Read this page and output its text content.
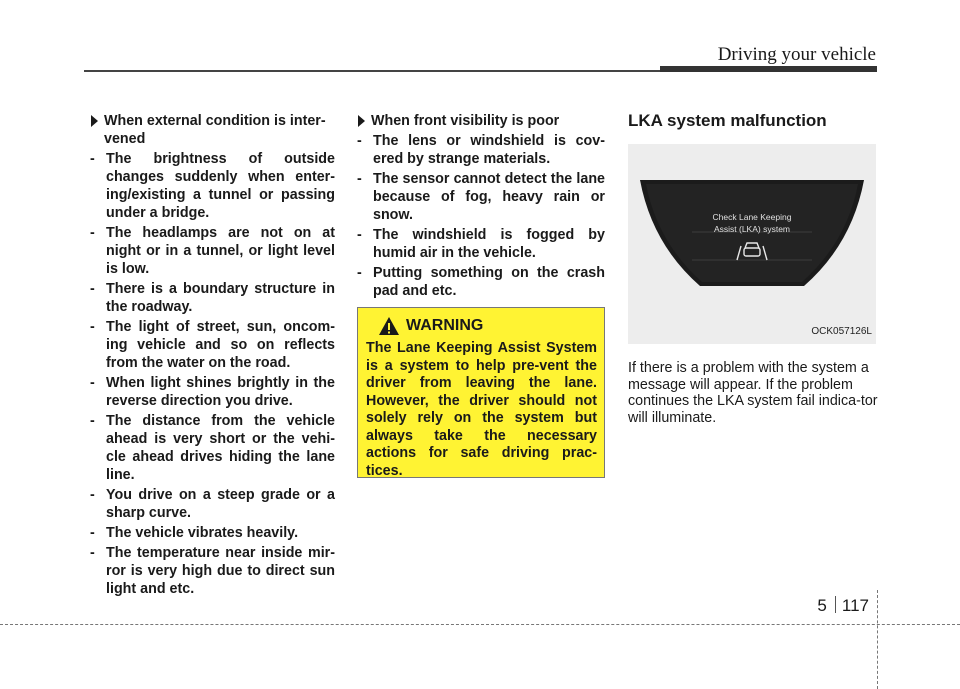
Driving your vehicle
When external condition is inter-vened
- The brightness of outside changes suddenly when enter-ing/existing a tunnel or passing under a bridge.
- The headlamps are not on at night or in a tunnel, or light level is low.
- There is a boundary structure in the roadway.
- The light of street, sun, oncom-ing vehicle and so on reflects from the water on the road.
- When light shines brightly in the reverse direction you drive.
- The distance from the vehicle ahead is very short or the vehi-cle ahead drives hiding the lane line.
- You drive on a steep grade or a sharp curve.
- The vehicle vibrates heavily.
- The temperature near inside mir-ror is very high due to direct sun light and etc.
When front visibility is poor
- The lens or windshield is cov-ered by strange materials.
- The sensor cannot detect the lane because of fog, heavy rain or snow.
- The windshield is fogged by humid air in the vehicle.
- Putting something on the crash pad and etc.
WARNING
The Lane Keeping Assist System is a system to help pre-vent the driver from leaving the lane. However, the driver should not solely rely on the system but always take the necessary actions for safe driving prac-tices.
LKA system malfunction
Check Lane Keeping
Assist (LKA) system
OCK057126L
If there is a problem with the system a message will appear. If the problem continues the LKA system fail indica-tor will illuminate.
5 117
